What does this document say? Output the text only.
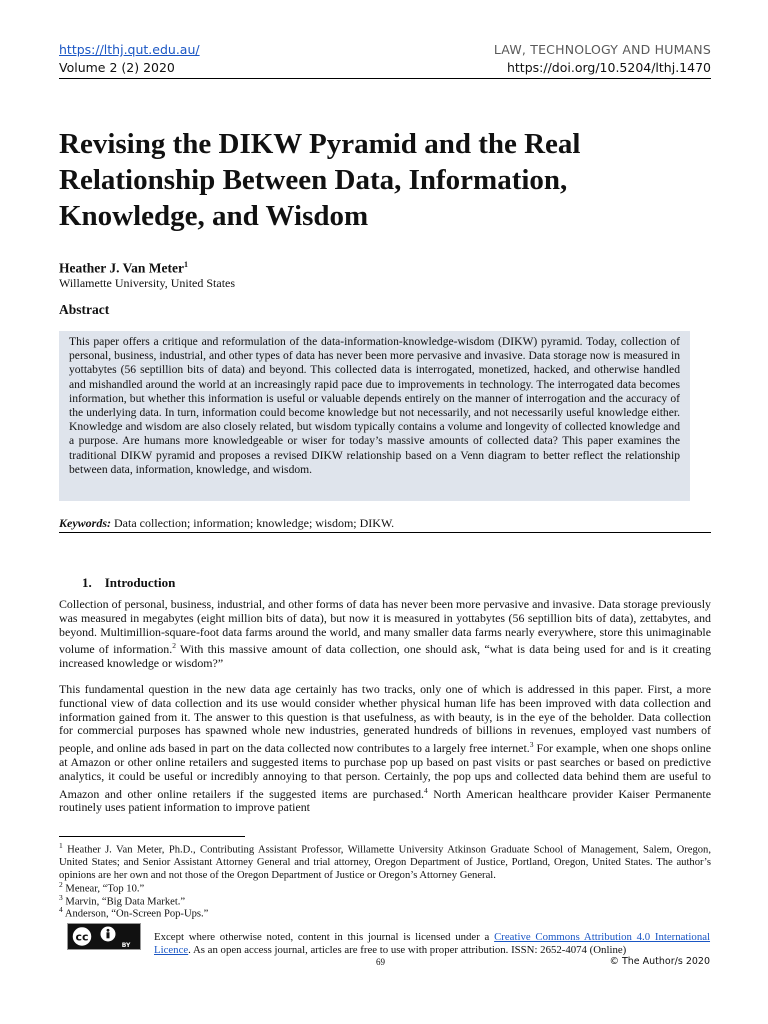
https://lthj.qut.edu.au/	LAW, TECHNOLOGY AND HUMANS
Volume 2 (2) 2020	https://doi.org/10.5204/lthj.1470
Revising the DIKW Pyramid and the Real Relationship Between Data, Information, Knowledge, and Wisdom
Heather J. Van Meter$^1$
Willamette University, United States
Abstract
This paper offers a critique and reformulation of the data-information-knowledge-wisdom (DIKW) pyramid. Today, collection of personal, business, industrial, and other types of data has never been more pervasive and invasive. Data storage now is measured in yottabytes (56 septillion bits of data) and beyond. This collected data is interrogated, monetized, hacked, and otherwise handled and mishandled around the world at an increasingly rapid pace due to improvements in technology. The interrogated data becomes information, but whether this information is useful or valuable depends entirely on the manner of interrogation and the accuracy of the underlying data. In turn, information could become knowledge but not necessarily, and not necessarily useful knowledge either. Knowledge and wisdom are also closely related, but wisdom typically contains a volume and longevity of collected knowledge and a purpose. Are humans more knowledgeable or wiser for today’s massive amounts of collected data? This paper examines the traditional DIKW pyramid and proposes a revised DIKW relationship based on a Venn diagram to better reflect the relationship between data, information, knowledge, and wisdom.
Keywords: Data collection; information; knowledge; wisdom; DIKW.
1. Introduction

Collection of personal, business, industrial, and other forms of data has never been more pervasive and invasive. Data storage previously was measured in megabytes (eight million bits of data), but now it is measured in yottabytes (56 septillion bits of data), zettabytes, and beyond. Multimillion-square-foot data farms around the world, and many smaller data farms nearly everywhere, store this unimaginable volume of information.$^2$ With this massive amount of data collection, one should ask, “what is data being used for and is it creating increased knowledge or wisdom?”

This fundamental question in the new data age certainly has two tracks, only one of which is addressed in this paper. First, a more functional view of data collection and its use would consider whether physical human life has been improved with data collection and information gained from it. The answer to this question is that usefulness, as with beauty, is in the eye of the beholder. Data collection for commercial purposes has spawned whole new industries, generated hundreds of billions in revenues, employed vast numbers of people, and online ads based in part on the data collected now contributes to a largely free internet.$^3$ For example, when one shops online at Amazon or other online retailers and suggested items to purchase pop up based on past visits or past searches or based on predictive analytics, it could be useful or incredibly annoying to that person. Certainly, the pop ups and collected data behind them are useful to Amazon and other online retailers if the suggested items are purchased.$^4$ North American healthcare provider Kaiser Permanente routinely uses patient information to improve patient

$^1$ Heather J. Van Meter, Ph.D., Contributing Assistant Professor, Willamette University Atkinson Graduate School of Management, Salem, Oregon, United States; and Senior Assistant Attorney General and trial attorney, Oregon Department of Justice, Portland, Oregon, United States. The author’s opinions are her own and not those of the Oregon Department of Justice or Oregon’s Attorney General.

$^2$ Menear, “Top 10.”

$^3$ Marvin, “Big Data Market.”

$^4$ Anderson, “On-Screen Pop-Ups.”

cc
BY

Except where otherwise noted, content in this journal is licensed under a Creative Commons Attribution 4.0 International Licence. As an open access journal, articles are free to use with proper attribution. ISSN: 2652-4074 (Online)

69	© The Author/s 2020
